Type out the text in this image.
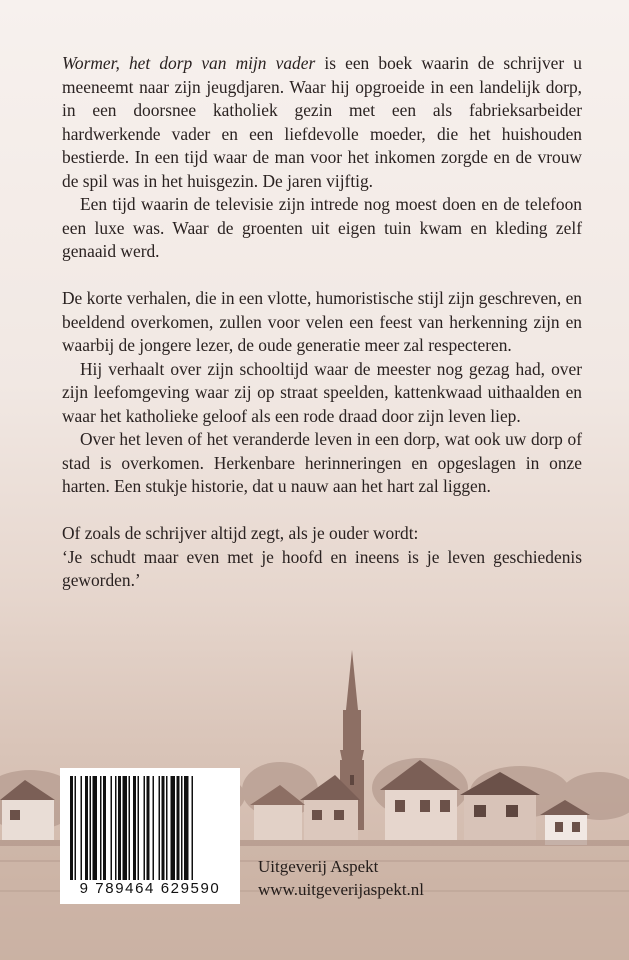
Wormer, het dorp van mijn vader is een boek waarin de schrijver u meeneemt naar zijn jeugdjaren. Waar hij opgroeide in een landelijk dorp, in een doorsnee katholiek gezin met een als fabrieksarbeider hardwerkende vader en een liefdevolle moeder, die het huishouden bestierde. In een tijd waar de man voor het inkomen zorgde en de vrouw de spil was in het huisgezin. De jaren vijftig.

Een tijd waarin de televisie zijn intrede nog moest doen en de telefoon een luxe was. Waar de groenten uit eigen tuin kwam en kleding zelf genaaid werd.

De korte verhalen, die in een vlotte, humoristische stijl zijn geschreven, en beeldend overkomen, zullen voor velen een feest van herkenning zijn en waarbij de jongere lezer, de oude generatie meer zal respecteren.

Hij verhaalt over zijn schooltijd waar de meester nog gezag had, over zijn leefomgeving waar zij op straat speelden, kattenkwaad uithaalden en waar het katholieke geloof als een rode draad door zijn leven liep.

Over het leven of het veranderde leven in een dorp, wat ook uw dorp of stad is overkomen. Herkenbare herinneringen en opgeslagen in onze harten. Een stukje historie, dat u nauw aan het hart zal liggen.

Of zoals de schrijver altijd zegt, als je ouder wordt:

‘Je schudt maar even met je hoofd en ineens is je leven geschiedenis geworden.’

9 789464 629590
Uitgeverij Aspekt
www.uitgeverijaspekt.nl
